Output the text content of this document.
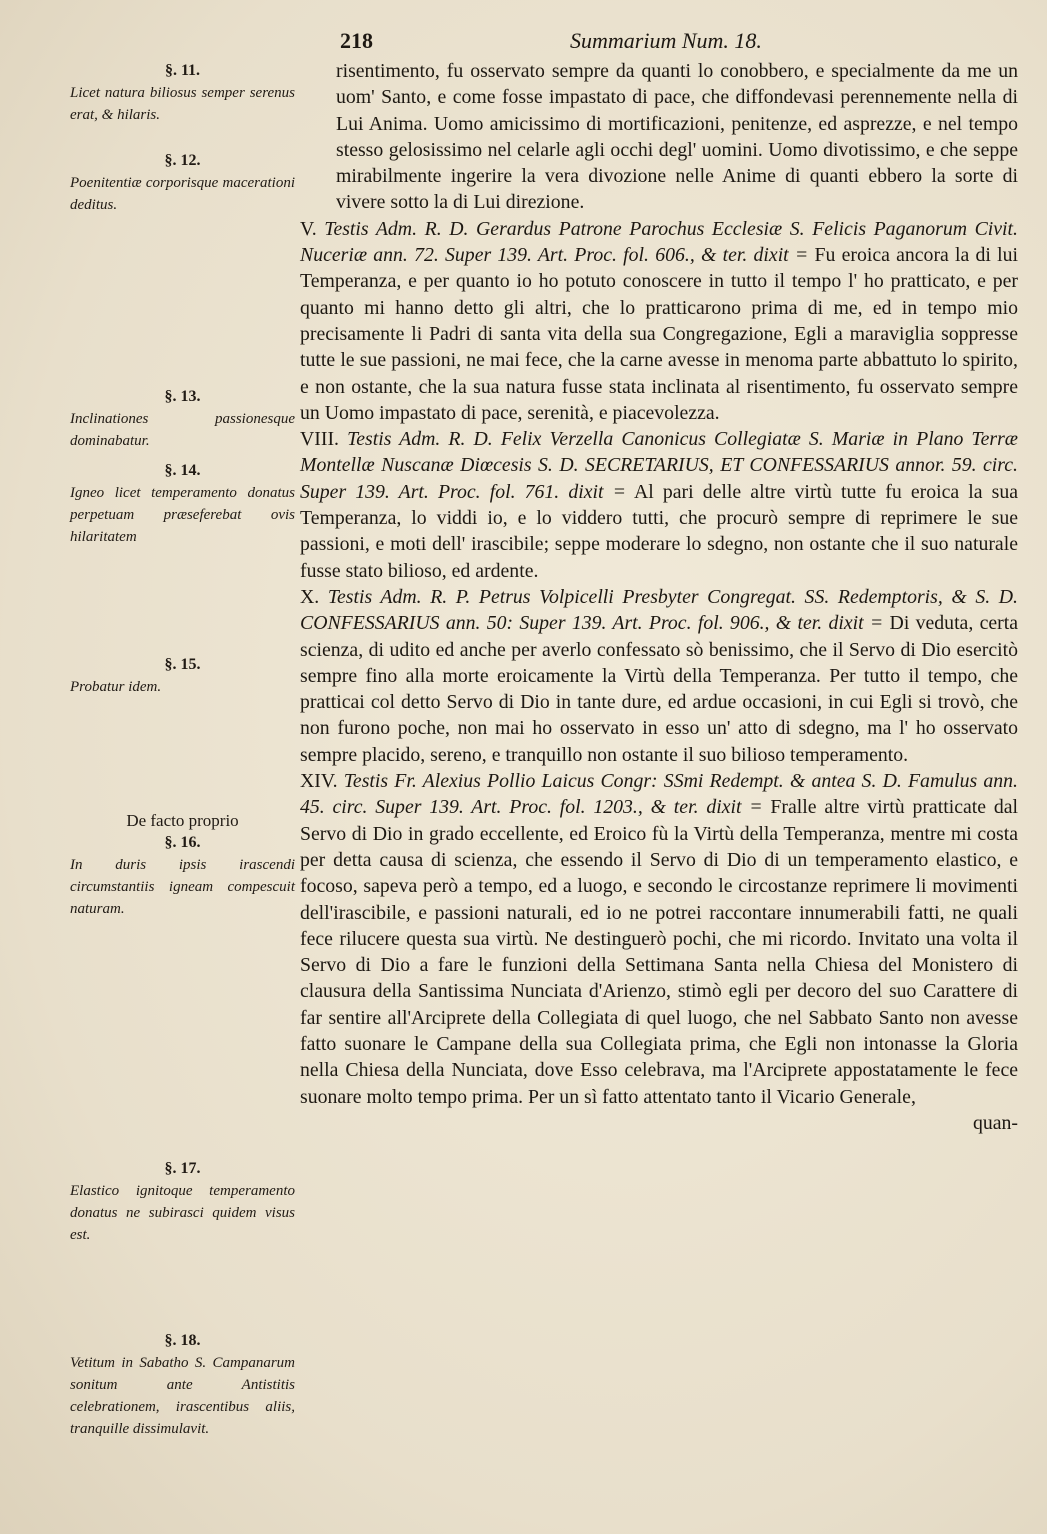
218	Summarium Num. 18.
§. 11.
Licet natura biliosus semper serenus erat, & hilaris.
§. 12.
Poenitentiæ corporisque macerationi deditus.
§. 13.
Inclinationes passionesque dominabatur.
§. 14.
Igneo licet temperamento donatus perpetuam præseferebat ovis hilaritatem
§. 15.
Probatur idem.
De facto proprio
§. 16.
In duris ipsis irascendi circumstantiis igneam compescuit naturam.
§. 17.
Elastico ignitoque temperamento donatus ne subirasci quidem visus est.
§. 18.
Vetitum in Sabatho S. Campanarum sonitum ante Antistitis celebrationem, irascentibus aliis, tranquille dissimulavit.

risentimento, fu osservato sempre da quanti lo conobbero, e specialmente da me un uom' Santo, e come fosse impastato di pace, che diffondevasi perennemente nella di Lui Anima. Uomo amicissimo di mortificazioni, penitenze, ed asprezze, e nel tempo stesso gelosissimo nel celarle agli occhi degl' uomini. Uomo divotissimo, e che seppe mirabilmente ingerire la vera divozione nelle Anime di quanti ebbero la sorte di vivere sotto la di Lui direzione.

V. Testis Adm. R. D. Gerardus Patrone Parochus Ecclesiæ S. Felicis Paganorum Civit. Nuceriæ ann. 72. Super 139. Art. Proc. fol. 606., & ter. dixit = Fu eroica ancora la di lui Temperanza, e per quanto io ho potuto conoscere in tutto il tempo l' ho pratticato, e per quanto mi hanno detto gli altri, che lo pratticarono prima di me, ed in tempo mio precisamente li Padri di santa vita della sua Congregazione, Egli a maraviglia soppresse tutte le sue passioni, ne mai fece, che la carne avesse in menoma parte abbattuto lo spirito, e non ostante, che la sua natura fusse stata inclinata al risentimento, fu osservato sempre un Uomo impastato di pace, serenità, e piacevolezza.

VIII. Testis Adm. R. D. Felix Verzella Canonicus Collegiatæ S. Mariæ in Plano Terræ Montellæ Nuscanæ Diœcesis S. D. SECRETARIUS, ET CONFESSARIUS annor. 59. circ. Super 139. Art. Proc. fol. 761. dixit = Al pari delle altre virtù tutte fu eroica la sua Temperanza, lo viddi io, e lo viddero tutti, che procurò sempre di reprimere le sue passioni, e moti dell' irascibile; seppe moderare lo sdegno, non ostante che il suo naturale fusse stato bilioso, ed ardente.

X. Testis Adm. R. P. Petrus Volpicelli Presbyter Congregat. SS. Redemptoris, & S. D. CONFESSARIUS ann. 50: Super 139. Art. Proc. fol. 906., & ter. dixit = Di veduta, certa scienza, di udito ed anche per averlo confessato sò benissimo, che il Servo di Dio esercitò sempre fino alla morte eroicamente la Virtù della Temperanza. Per tutto il tempo, che pratticai col detto Servo di Dio in tante dure, ed ardue occasioni, in cui Egli si trovò, che non furono poche, non mai ho osservato in esso un' atto di sdegno, ma l' ho osservato sempre placido, sereno, e tranquillo non ostante il suo bilioso temperamento.

XIV. Testis Fr. Alexius Pollio Laicus Congr: SSmi Redempt. & antea S. D. Famulus ann. 45. circ. Super 139. Art. Proc. fol. 1203., & ter. dixit = Fralle altre virtù pratticate dal Servo di Dio in grado eccellente, ed Eroico fù la Virtù della Temperanza, mentre mi costa per detta causa di scienza, che essendo il Servo di Dio di un temperamento elastico, e focoso, sapeva però a tempo, ed a luogo, e secondo le circostanze reprimere li movimenti dell'irascibile, e passioni naturali, ed io ne potrei raccontare innumerabili fatti, ne quali fece rilucere questa sua virtù. Ne destinguerò pochi, che mi ricordo. Invitato una volta il Servo di Dio a fare le funzioni della Settimana Santa nella Chiesa del Monistero di clausura della Santissima Nunciata d'Arienzo, stimò egli per decoro del suo Carattere di far sentire all'Arciprete della Collegiata di quel luogo, che nel Sabbato Santo non avesse fatto suonare le Campane della sua Collegiata prima, che Egli non intonasse la Gloria nella Chiesa della Nunciata, dove Esso celebrava, ma l'Arciprete appostatamente le fece suonare molto tempo prima. Per un sì fatto attentato tanto il Vicario Generale,

quan-
